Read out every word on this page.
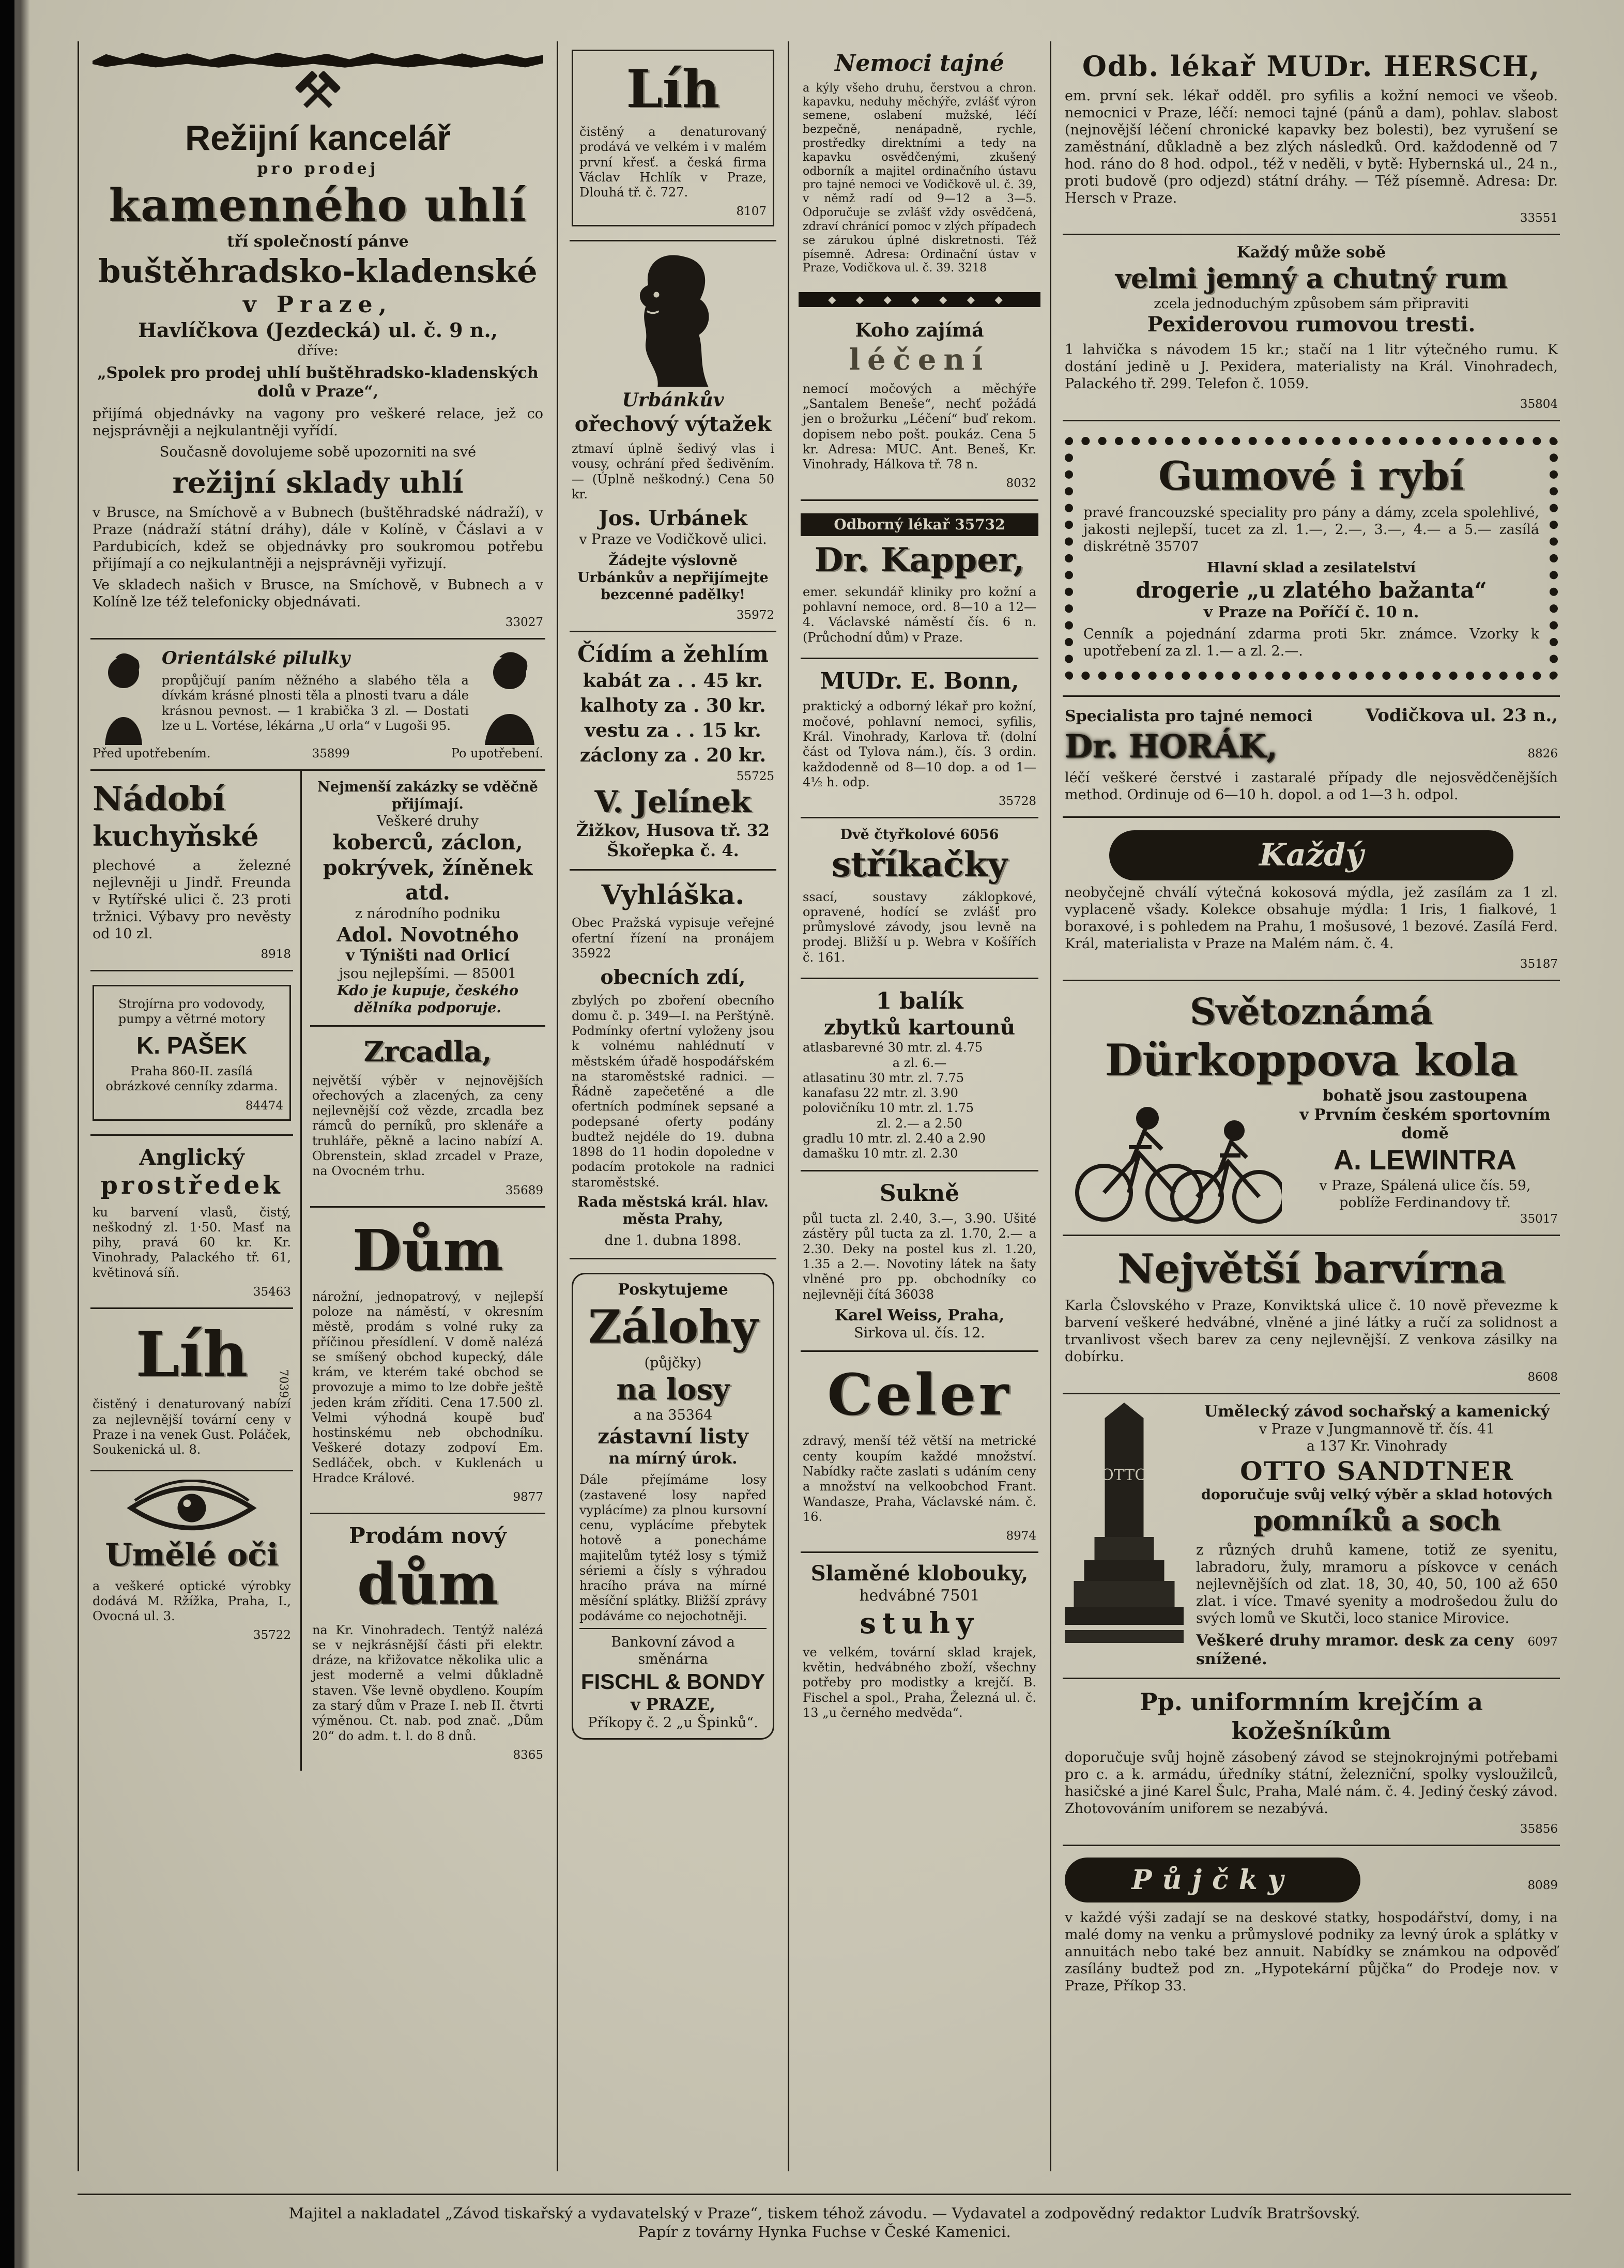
Režijní kancelář
pro prodej
kamenného uhlí
tří společností pánve
buštěhradsko-kladenské
v Praze,
Havlíčkova (Jezdecká) ul. č. 9 n.,
dříve:

„Spolek pro prodej uhlí buštěhradsko-kladenských dolů v Praze“,

přijímá objednávky na vagony pro veškeré relace, jež co nejsprávněji a nejkulantněji vyřídí.

Současně dovolujeme sobě upozorniti na své

režijní sklady uhlí

v Brusce, na Smíchově a v Bubnech (buštěhradské nádraží), v Praze (nádraží státní dráhy), dále v Kolíně, v Čáslavi a v Pardubicích, kdež se objednávky pro soukromou potřebu přijímají a co nejkulantněji a nejsprávněji vyřizují.

Ve skladech našich v Brusce, na Smíchově, v Bubnech a v Kolíně lze též telefonicky objednávati.

33027
Orientálské pilulky

propůjčují paním něžného a slabého těla a dívkám krásné plnosti těla a plnosti tvaru a dále krásnou pevnost. — 1 krabička 3 zl. — Dostati lze u L. Vortése, lékárna „U orla“ v Lugoši 95.

Před upotřebením.	35899	Po upotřebení.
Nádobí
kuchyňské

plechové a železné nejlevněji u Jindř. Freunda v Rytířské ulici č. 23 proti tržnici. Výbavy pro nevěsty od 10 zl.

8918

Strojírna pro vodovody, pumpy a větrné motory

K. PAŠEK

Praha 860-II. zasílá obrázkové cenníky zdarma.

84474
Anglický
prostředek

ku barvení vlasů, čistý, neškodný zl. 1·50. Masť na pihy, pravá 60 kr. Kr. Vinohrady, Palackého tř. 61, květinová síň.

35463
Líh

čistěný i denaturovaný nabízí za nejlevnější tovární ceny v Praze i na venek Gust. Poláček, Soukenická ul. 8.

7039
Umělé oči

a veškeré optické výrobky dodává M. Ržížka, Praha, I., Ovocná ul. 3.

35722
Nejmenší zakázky se vděčně přijímají.
Veškeré druhy
koberců, záclon, pokrývek, žíněnek atd.
z národního podniku
Adol. Novotného
v Týništi nad Orlicí
jsou nejlepšími. — 85001
Kdo je kupuje, českého dělníka podporuje.
Zrcadla,

největší výběr v nejnovějších ořechových a zlacených, za ceny nejlevnější což vězde, zrcadla bez rámců do perníků, pro sklenáře a truhláře, pěkně a lacino nabízí A. Obrenstein, sklad zrcadel v Praze, na Ovocném trhu.

35689
Dům

nárožní, jednopatrový, v nejlepší poloze na náměstí, v okresním městě, prodám s volné ruky za příčinou přesídlení. V domě nalézá se smíšený obchod kupecký, dále krám, ve kterém také obchod se provozuje a mimo to lze dobře ještě jeden krám zříditi. Cena 17.500 zl. Velmi výhodná koupě buď hostinskému neb obchodníku. Veškeré dotazy zodpoví Em. Sedláček, obch. v Kuklenách u Hradce Králové.

9877
Prodám nový
dům

na Kr. Vinohradech. Tentýž nalézá se v nejkrásnější části při elektr. dráze, na křižovatce několika ulic a jest moderně a velmi důkladně staven. Vše levně obydleno. Koupím za starý dům v Praze I. neb II. čtvrti výměnou. Ct. nab. pod znač. „Dům 20“ do adm. t. l. do 8 dnů.

8365
Líh

čistěný a denaturovaný prodává ve velkém i v malém první křesť. a česká firma Václav Hchlík v Praze, Dlouhá tř. č. 727.

8107
Urbánkův
ořechový výtažek

ztmaví úplně šedivý vlas i vousy, ochrání před šedivěním. — (Úplně neškodný.) Cena 50 kr.

Jos. Urbánek
v Praze ve Vodičkově ulici.

Žádejte výslovně Urbánkův a nepřijímejte bezcenné padělky!

35972
Čídím a žehlím
kabát za . . 45 kr.
kalhoty za . 30 kr.
vestu za . . 15 kr.
záclony za . 20 kr.
55725
V. Jelínek
Žižkov, Husova tř. 32
Škořepka č. 4.
Vyhláška.

Obec Pražská vypisuje veřejné ofertní řízení na pronájem 35922

obecních zdí,

zbylých po zboření obecního domu č. p. 349—I. na Perštýně. Podmínky ofertní vyloženy jsou k volnému nahlédnutí v městském úřadě hospodářském na staroměstské radnici. — Řádně zapečetěné a dle ofertních podmínek sepsané a podepsané oferty podány budtež nejdéle do 19. dubna 1898 do 11 hodin dopoledne v podacím protokole na radnici staroměstské.

Rada městská král. hlav. města Prahy,

dne 1. dubna 1898.
Poskytujeme
Zálohy
(půjčky)
na losy
a na 35364
zástavní listy
na mírný úrok.

Dále přejímáme losy (zastavené losy napřed vyplácíme) za plnou kursovní cenu, vyplácíme přebytek hotově a ponecháme majitelům tytéž losy s týmiž sériemi a čísly s výhradou hracího práva na mírné měsíční splátky. Bližší zprávy podáváme co nejochotněji.

Bankovní závod a směnárna
FISCHL & BONDY
v PRAZE,
Příkopy č. 2 „u Špinků“.
Nemoci tajné

a kýly všeho druhu, čerstvou a chron. kapavku, neduhy měchýře, zvlášť výron semene, oslabení mužské, léčí bezpečně, nenápadně, rychle, prostředky direktními a tedy na kapavku osvědčenými, zkušený odborník a majitel ordinačního ústavu pro tajné nemoci ve Vodičkově ul. č. 39, v němž radí od 9—12 a 3—5. Odporučuje se zvlášť vždy osvědčená, zdraví chránící pomoc v zlých případech se zárukou úplné diskretnosti. Též písemně. Adresa: Ordinační ústav v Praze, Vodičkova ul. č. 39. 3218

◆ ◆ ◆ ◆ ◆ ◆ ◆
Koho zajímá
léčení

nemocí močových a měchýře „Santalem Beneše“, nechť požádá jen o brožurku „Léčení“ buď rekom. dopisem nebo pošt. poukáz. Cena 5 kr. Adresa: MUC. Ant. Beneš, Kr. Vinohrady, Hálkova tř. 78 n.

8032
Odborný lékař 35732
Dr. Kapper,

emer. sekundář kliniky pro kožní a pohlavní nemoce, ord. 8—10 a 12—4. Václavské náměstí čís. 6 n. (Průchodní dům) v Praze.

MUDr. E. Bonn,

praktický a odborný lékař pro kožní, močové, pohlavní nemoci, syfilis, Král. Vinohrady, Karlova tř. (dolní část od Tylova nám.), čís. 3 ordin. každodenně od 8—10 dop. a od 1—4½ h. odp.

35728
Dvě čtyřkolové 6056
stříkačky

ssací, soustavy záklopkové, opravené, hodící se zvlášť pro průmyslové závody, jsou levně na prodej. Bližší u p. Webra v Košířích č. 161.

1 balík
zbytků kartounů
atlasbarevné 30 mtr. zl. 4.75
a zl. 6.—
atlasatinu 30 mtr. zl. 7.75
kanafasu 22 mtr. zl. 3.90
polovičníku 10 mtr. zl. 1.75
zl. 2.— a 2.50
gradlu 10 mtr. zl. 2.40 a 2.90
damašku 10 mtr. zl. 2.30
Sukně

půl tucta zl. 2.40, 3.—, 3.90. Ušité zástěry půl tucta za zl. 1.70, 2.— a 2.30. Deky na postel kus zl. 1.20, 1.35 a 2.—. Novotiny látek na šaty vlněné pro pp. obchodníky co nejlevněji čítá 36038

Karel Weiss, Praha,
Sirkova ul. čís. 12.
Celer

zdravý, menší též větší na metrické centy koupím každé množství. Nabídky račte zaslati s udáním ceny a množství na velkoobchod Frant. Wandasze, Praha, Václavské nám. č. 16.

8974
Slaměné klobouky,
hedvábné 7501
stuhy

ve velkém, tovární sklad krajek, květin, hedvábného zboží, všechny potřeby pro modistky a krejčí. B. Fischel a spol., Praha, Železná ul. č. 13 „u černého medvěda“.

Odb. lékař MUDr. HERSCH,

em. první sek. lékař odděl. pro syfilis a kožní nemoci ve všeob. nemocnici v Praze, léčí: nemoci tajné (pánů a dam), pohlav. slabost (nejnovější léčení chronické kapavky bez bolesti), bez vyrušení se zaměstnání, důkladně a bez zlých následků. Ord. každodenně od 7 hod. ráno do 8 hod. odpol., též v neděli, v bytě: Hybernská ul., 24 n., proti budově (pro odjezd) státní dráhy. — Též písemně. Adresa: Dr. Hersch v Praze.

33551
Každý může sobě
velmi jemný a chutný rum
zcela jednoduchým způsobem sám připraviti
Pexiderovou rumovou tresti.

1 lahvička s návodem 15 kr.; stačí na 1 litr výtečného rumu. K dostání jedině u J. Pexidera, materialisty na Král. Vinohradech, Palackého tř. 299. Telefon č. 1059.

35804
Gumové i rybí

pravé francouzské speciality pro pány a dámy, zcela spolehlivé, jakosti nejlepší, tucet za zl. 1.—, 2.—, 3.—, 4.— a 5.— zasílá diskrétně 35707

Hlavní sklad a zesilatelství
drogerie „u zlatého bažanta“
v Praze na Poříčí č. 10 n.

Cenník a pojednání zdarma proti 5kr. známce. Vzorky k upotřebení za zl. 1.— a zl. 2.—.

Specialista pro tajné nemoci	Vodičkova ul. 23 n.,
Dr. HORÁK,	8826

léčí veškeré čerstvé i zastaralé případy dle nejosvědčenějších method. Ordinuje od 6—10 h. dopol. a od 1—3 h. odpol.

Každý

neobyčejně chválí výtečná kokosová mýdla, jež zasílám za 1 zl. vyplaceně všady. Kolekce obsahuje mýdla: 1 Iris, 1 fialkové, 1 boraxové, i s pohledem na Prahu, 1 mošusové, 1 bezové. Zasílá Ferd. Král, materialista v Praze na Malém nám. č. 4.

35187
Světoznámá
Dürkoppova kola
bohatě jsou zastoupena
v Prvním českém sportovním domě
A. LEWINTRA
v Praze, Spálená ulice čís. 59, poblíže Ferdinandovy tř.
35017
Největší barvírna

Karla Čslovského v Praze, Konviktská ulice č. 10 nově převezme k barvení veškeré hedvábné, vlněné a jiné látky a ručí za solidnost a trvanlivost všech barev za ceny nejlevnější. Z venkova zásilky na dobírku.

8608
OTTO
Umělecký závod sochařský a kamenický
v Praze v Jungmannově tř. čís. 41
a 137 Kr. Vinohrady
OTTO SANDTNER
doporučuje svůj velký výběr a sklad hotových
pomníků a soch

z různých druhů kamene, totiž ze syenitu, labradoru, žuly, mramoru a pískovce v cenách nejlevnějších od zlat. 18, 30, 40, 50, 100 až 650 zlat. i více. Tmavé syenity a modrošedou žulu do svých lomů ve Skutči, loco stanice Mirovice.

Veškeré druhy mramor. desk za ceny snížené.
6097
Pp. uniformním krejčím a kožešníkům

doporučuje svůj hojně zásobený závod se stejnokrojnými potřebami pro c. a k. armádu, úředníky státní, železniční, spolky vysloužilců, hasičské a jiné Karel Šulc, Praha, Malé nám. č. 4. Jediný český závod. Zhotovováním uniforem se nezabývá.

35856
Půjčky	8089

v každé výši zadají se na deskové statky, hospodářství, domy, i na malé domy na venku a průmyslové podniky za levný úrok a splátky v annuitách nebo také bez annuit. Nabídky se známkou na odpověď zasílány budtež pod zn. „Hypotekární půjčka“ do Prodeje nov. v Praze, Příkop 33.

Majitel a nakladatel „Závod tiskařský a vydavatelský v Praze“, tiskem téhož závodu. — Vydavatel a zodpovědný redaktor Ludvík Bratršovský.
Papír z továrny Hynka Fuchse v České Kamenici.
